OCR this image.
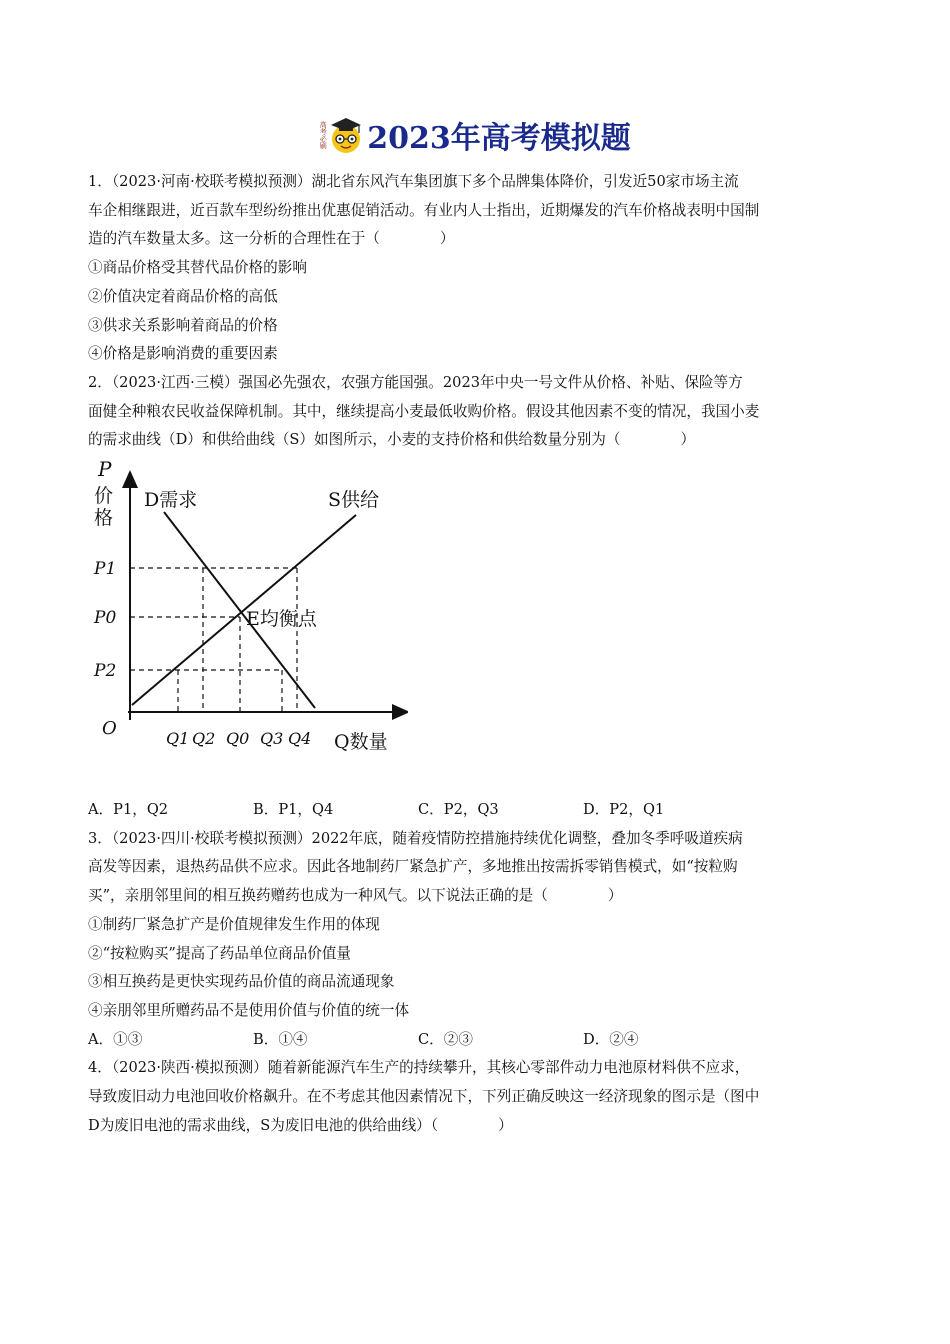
高考必刷 2023年高考模拟题

1．（2023·河南·校联考模拟预测）湖北省东风汽车集团旗下多个品牌集体降价，引发近50家市场主流

车企相继跟进，近百款车型纷纷推出优惠促销活动。有业内人士指出，近期爆发的汽车价格战表明中国制

造的汽车数量太多。这一分析的合理性在于（	）

①商品价格受其替代品价格的影响

②价值决定着商品价格的高低

③供求关系影响着商品的价格

④价格是影响消费的重要因素

2．（2023·江西·三模）强国必先强农，农强方能国强。2023年中央一号文件从价格、补贴、保险等方

面健全种粮农民收益保障机制。其中，继续提高小麦最低收购价格。假设其他因素不变的情况，我国小麦

的需求曲线（D）和供给曲线（S）如图所示，小麦的支持价格和供给数量分别为（	）

P
价
格
D需求	S供给
E均衡点
O
P1
P0
P2
Q1 Q2 Q0 Q3 Q4 Q数量
A．P1，Q2	B．P1，Q4	C．P2，Q3	D．P2，Q1

3．（2023·四川·校联考模拟预测）2022年底，随着疫情防控措施持续优化调整，叠加冬季呼吸道疾病

高发等因素，退热药品供不应求。因此各地制药厂紧急扩产，多地推出按需拆零销售模式，如“按粒购

买”，亲朋邻里间的相互换药赠药也成为一种风气。以下说法正确的是（	）

①制药厂紧急扩产是价值规律发生作用的体现

②“按粒购买”提高了药品单位商品价值量

③相互换药是更快实现药品价值的商品流通现象

④亲朋邻里所赠药品不是使用价值与价值的统一体

A．①③	B．①④	C．②③	D．②④

4．（2023·陕西·模拟预测）随着新能源汽车生产的持续攀升，其核心零部件动力电池原材料供不应求，

导致废旧动力电池回收价格飙升。在不考虑其他因素情况下，下列正确反映这一经济现象的图示是（图中

D为废旧电池的需求曲线，S为废旧电池的供给曲线）（	）
